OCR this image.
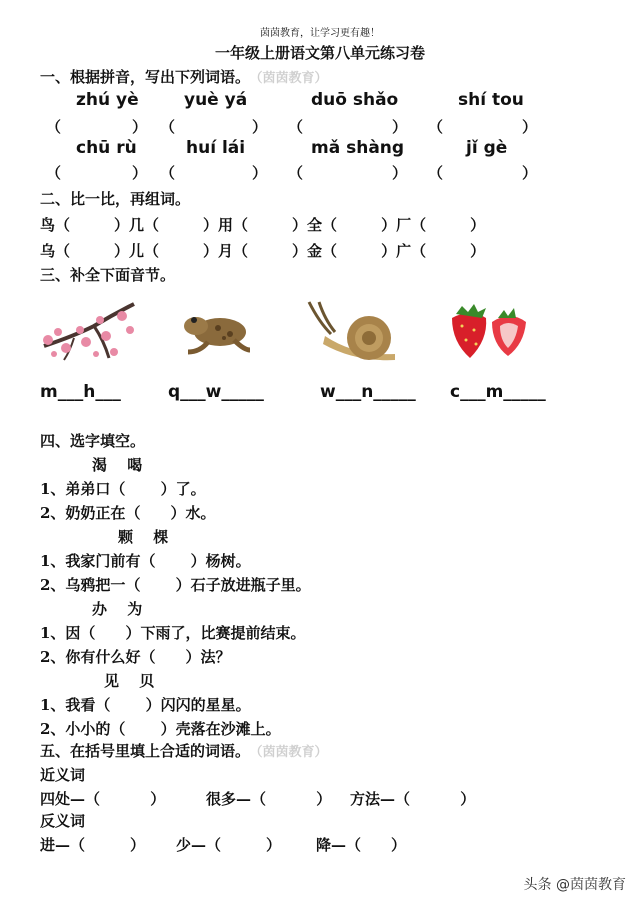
茵茵教育，让学习更有趣！
一年级上册语文第八单元练习卷
一、根据拼音，写出下列词语。 （茵茵教育）
zhú yè	yuè yá	duō shǎo	shí tou
（	） （	） （	） （	）
chū rù	huí lái	mǎ shàng	jǐ gè
（	） （	） （	） （	）
二、比一比，再组词。
鸟（	）几（	）用（	）全（	）厂（	）
乌（	）儿（	）月（	）金（	）广（	）
三、补全下面音节。
m___h___	q___w_____	w___n_____ c___m_____
四、选字填空。
渴　 喝
1、弟弟口（　　 ）了。
2、奶奶正在（　　）水。
颗　 棵
1、我家门前有（　　 ）杨树。
2、乌鸦把一（　　 ）石子放进瓶子里。
办　 为
1、因（　　）下雨了，比赛提前结束。
2、你有什么好（　　）法？
见　 贝
1、我看（　　 ）闪闪的星星。
2、小小的（　　 ）壳落在沙滩上。
五、在括号里填上合适的词语。 （茵茵教育）
近义词
四处—（　　　 ）	很多—（　　　 ） 方法—（　　　 ）
反义词
进—（　　　） 少—（　　　） 降—（　　）
头条 @茵茵教育
